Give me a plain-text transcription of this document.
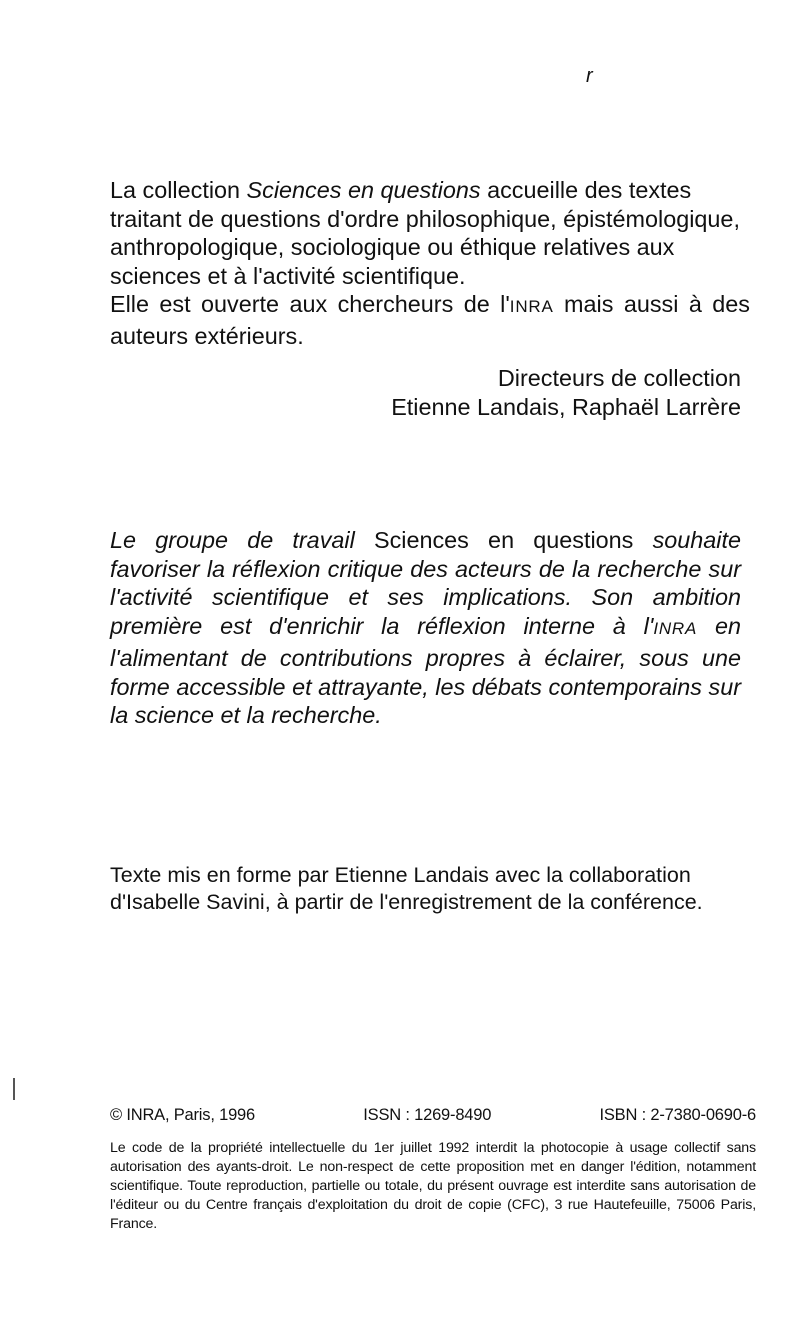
r

La collection Sciences en questions accueille des textes traitant de questions d'ordre philosophique, épistémologique, anthropologique, sociologique ou éthique relatives aux sciences et à l'activité scientifique.

Elle est ouverte aux chercheurs de l'INRA mais aussi à des auteurs extérieurs.

Directeurs de collection
Etienne Landais, Raphaël Larrère

Le groupe de travail Sciences en questions souhaite favoriser la réflexion critique des acteurs de la recherche sur l'activité scientifique et ses implications. Son ambition première est d'enrichir la réflexion interne à l'INRA en l'alimentant de contributions propres à éclairer, sous une forme accessible et attrayante, les débats contemporains sur la science et la recherche.

Texte mis en forme par Etienne Landais avec la collaboration d'Isabelle Savini, à partir de l'enregistrement de la conférence.

© INRA, Paris, 1996	ISSN : 1269-8490	ISBN : 2-7380-0690-6

Le code de la propriété intellectuelle du 1er juillet 1992 interdit la photocopie à usage collectif sans autorisation des ayants-droit. Le non-respect de cette proposition met en danger l'édition, notamment scientifique. Toute reproduction, partielle ou totale, du présent ouvrage est interdite sans autorisation de l'éditeur ou du Centre français d'exploitation du droit de copie (CFC), 3 rue Hautefeuille, 75006 Paris, France.
